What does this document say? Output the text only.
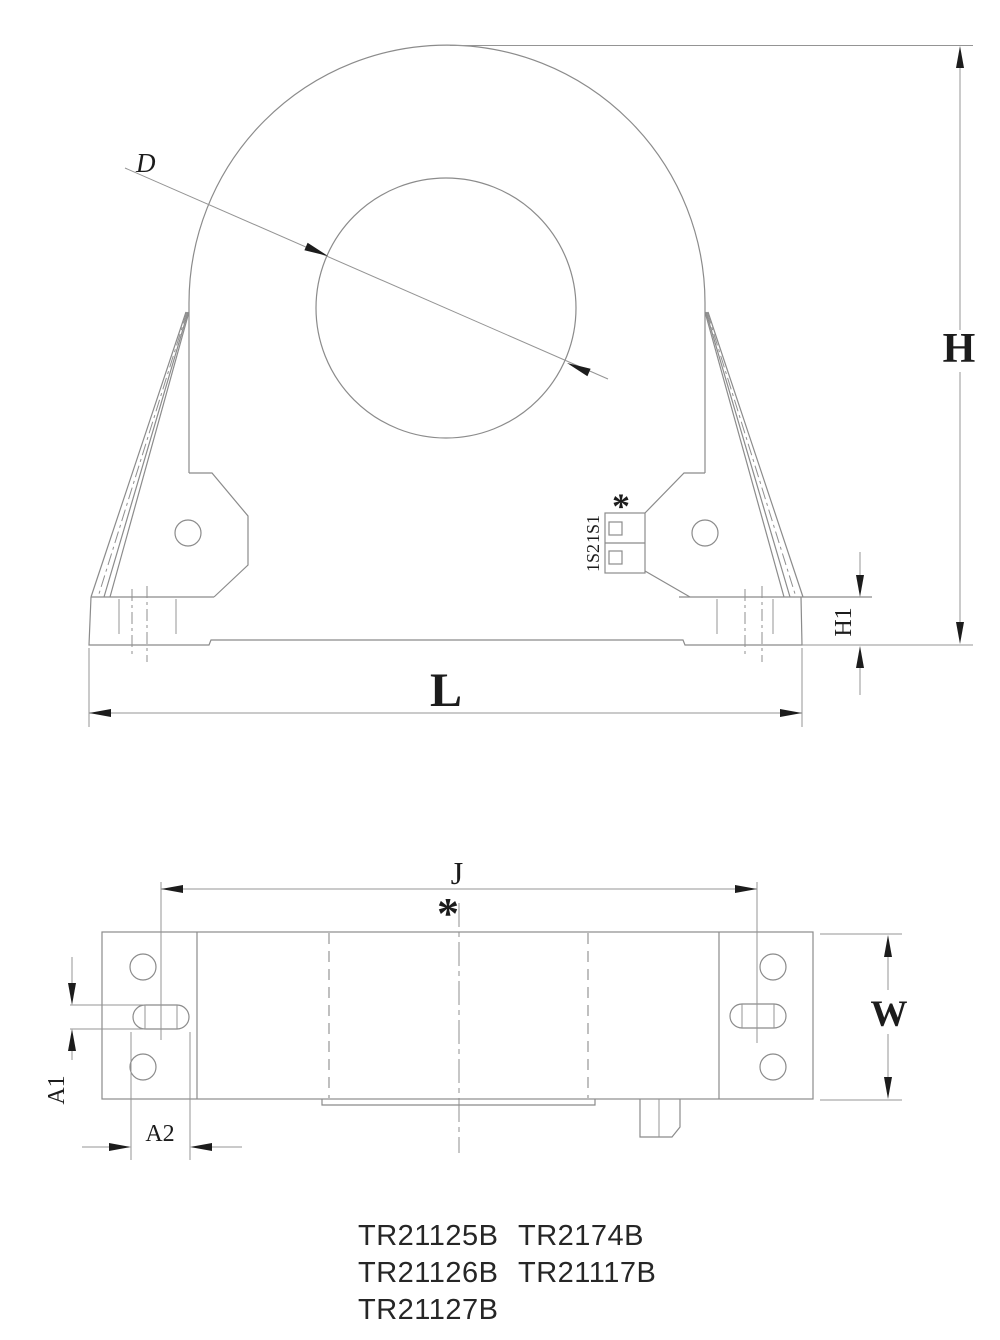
D
1S1
1S2
*
H
H1
L
*
J
W
A1
A2
TR21125B TR2174B
TR21126B TR21117B
TR21127B
